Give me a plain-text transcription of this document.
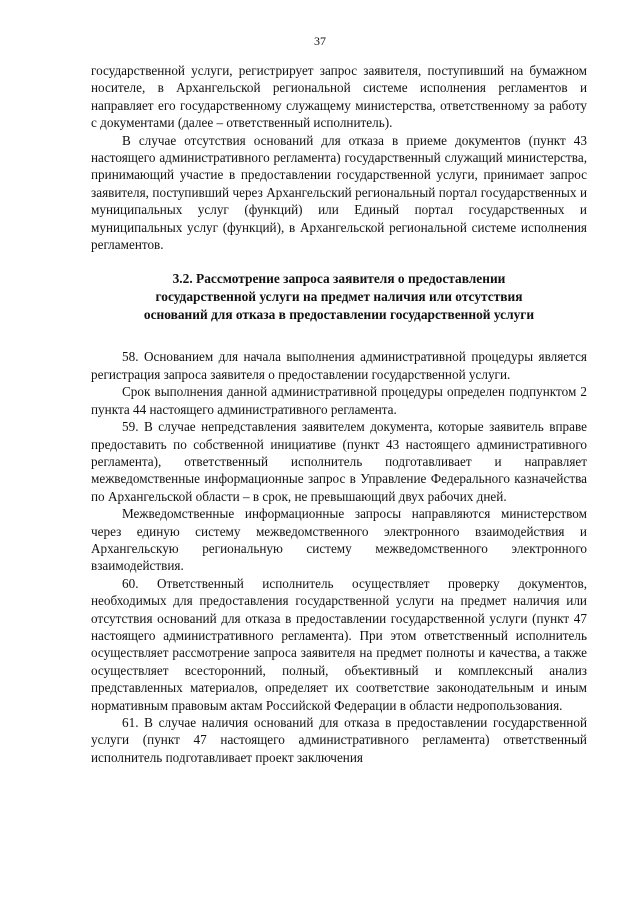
37

государственной услуги, регистрирует запрос заявителя, поступивший на бумажном носителе, в Архангельской региональной системе исполнения регламентов и направляет его государственному служащему министерства, ответственному за работу с документами (далее – ответственный исполнитель).

В случае отсутствия оснований для отказа в приеме документов (пункт 43 настоящего административного регламента) государственный служащий министерства, принимающий участие в предоставлении государственной услуги, принимает запрос заявителя, поступивший через Архангельский региональный портал государственных и муниципальных услуг (функций) или Единый портал государственных и муниципальных услуг (функций), в Архангельской региональной системе исполнения регламентов.

3.2. Рассмотрение запроса заявителя о предоставлении
государственной услуги на предмет наличия или отсутствия
оснований для отказа в предоставлении государственной услуги

58. Основанием для начала выполнения административной процедуры является регистрация запроса заявителя о предоставлении государственной услуги.

Срок выполнения данной административной процедуры определен подпунктом 2 пункта 44 настоящего административного регламента.

59. В случае непредставления заявителем документа, которые заявитель вправе предоставить по собственной инициативе (пункт 43 настоящего административного регламента), ответственный исполнитель подготавливает и направляет межведомственные информационные запрос в Управление Федерального казначейства по Архангельской области – в срок, не превышающий двух рабочих дней.

Межведомственные информационные запросы направляются министерством через единую систему межведомственного электронного взаимодействия и Архангельскую региональную систему межведомственного электронного взаимодействия.

60. Ответственный исполнитель осуществляет проверку документов, необходимых для предоставления государственной услуги на предмет наличия или отсутствия оснований для отказа в предоставлении государственной услуги (пункт 47 настоящего административного регламента). При этом ответственный исполнитель осуществляет рассмотрение запроса заявителя на предмет полноты и качества, а также осуществляет всесторонний, полный, объективный и комплексный анализ представленных материалов, определяет их соответствие законодательным и иным нормативным правовым актам Российской Федерации в области недропользования.

61. В случае наличия оснований для отказа в предоставлении государственной услуги (пункт 47 настоящего административного регламента) ответственный исполнитель подготавливает проект заключения
